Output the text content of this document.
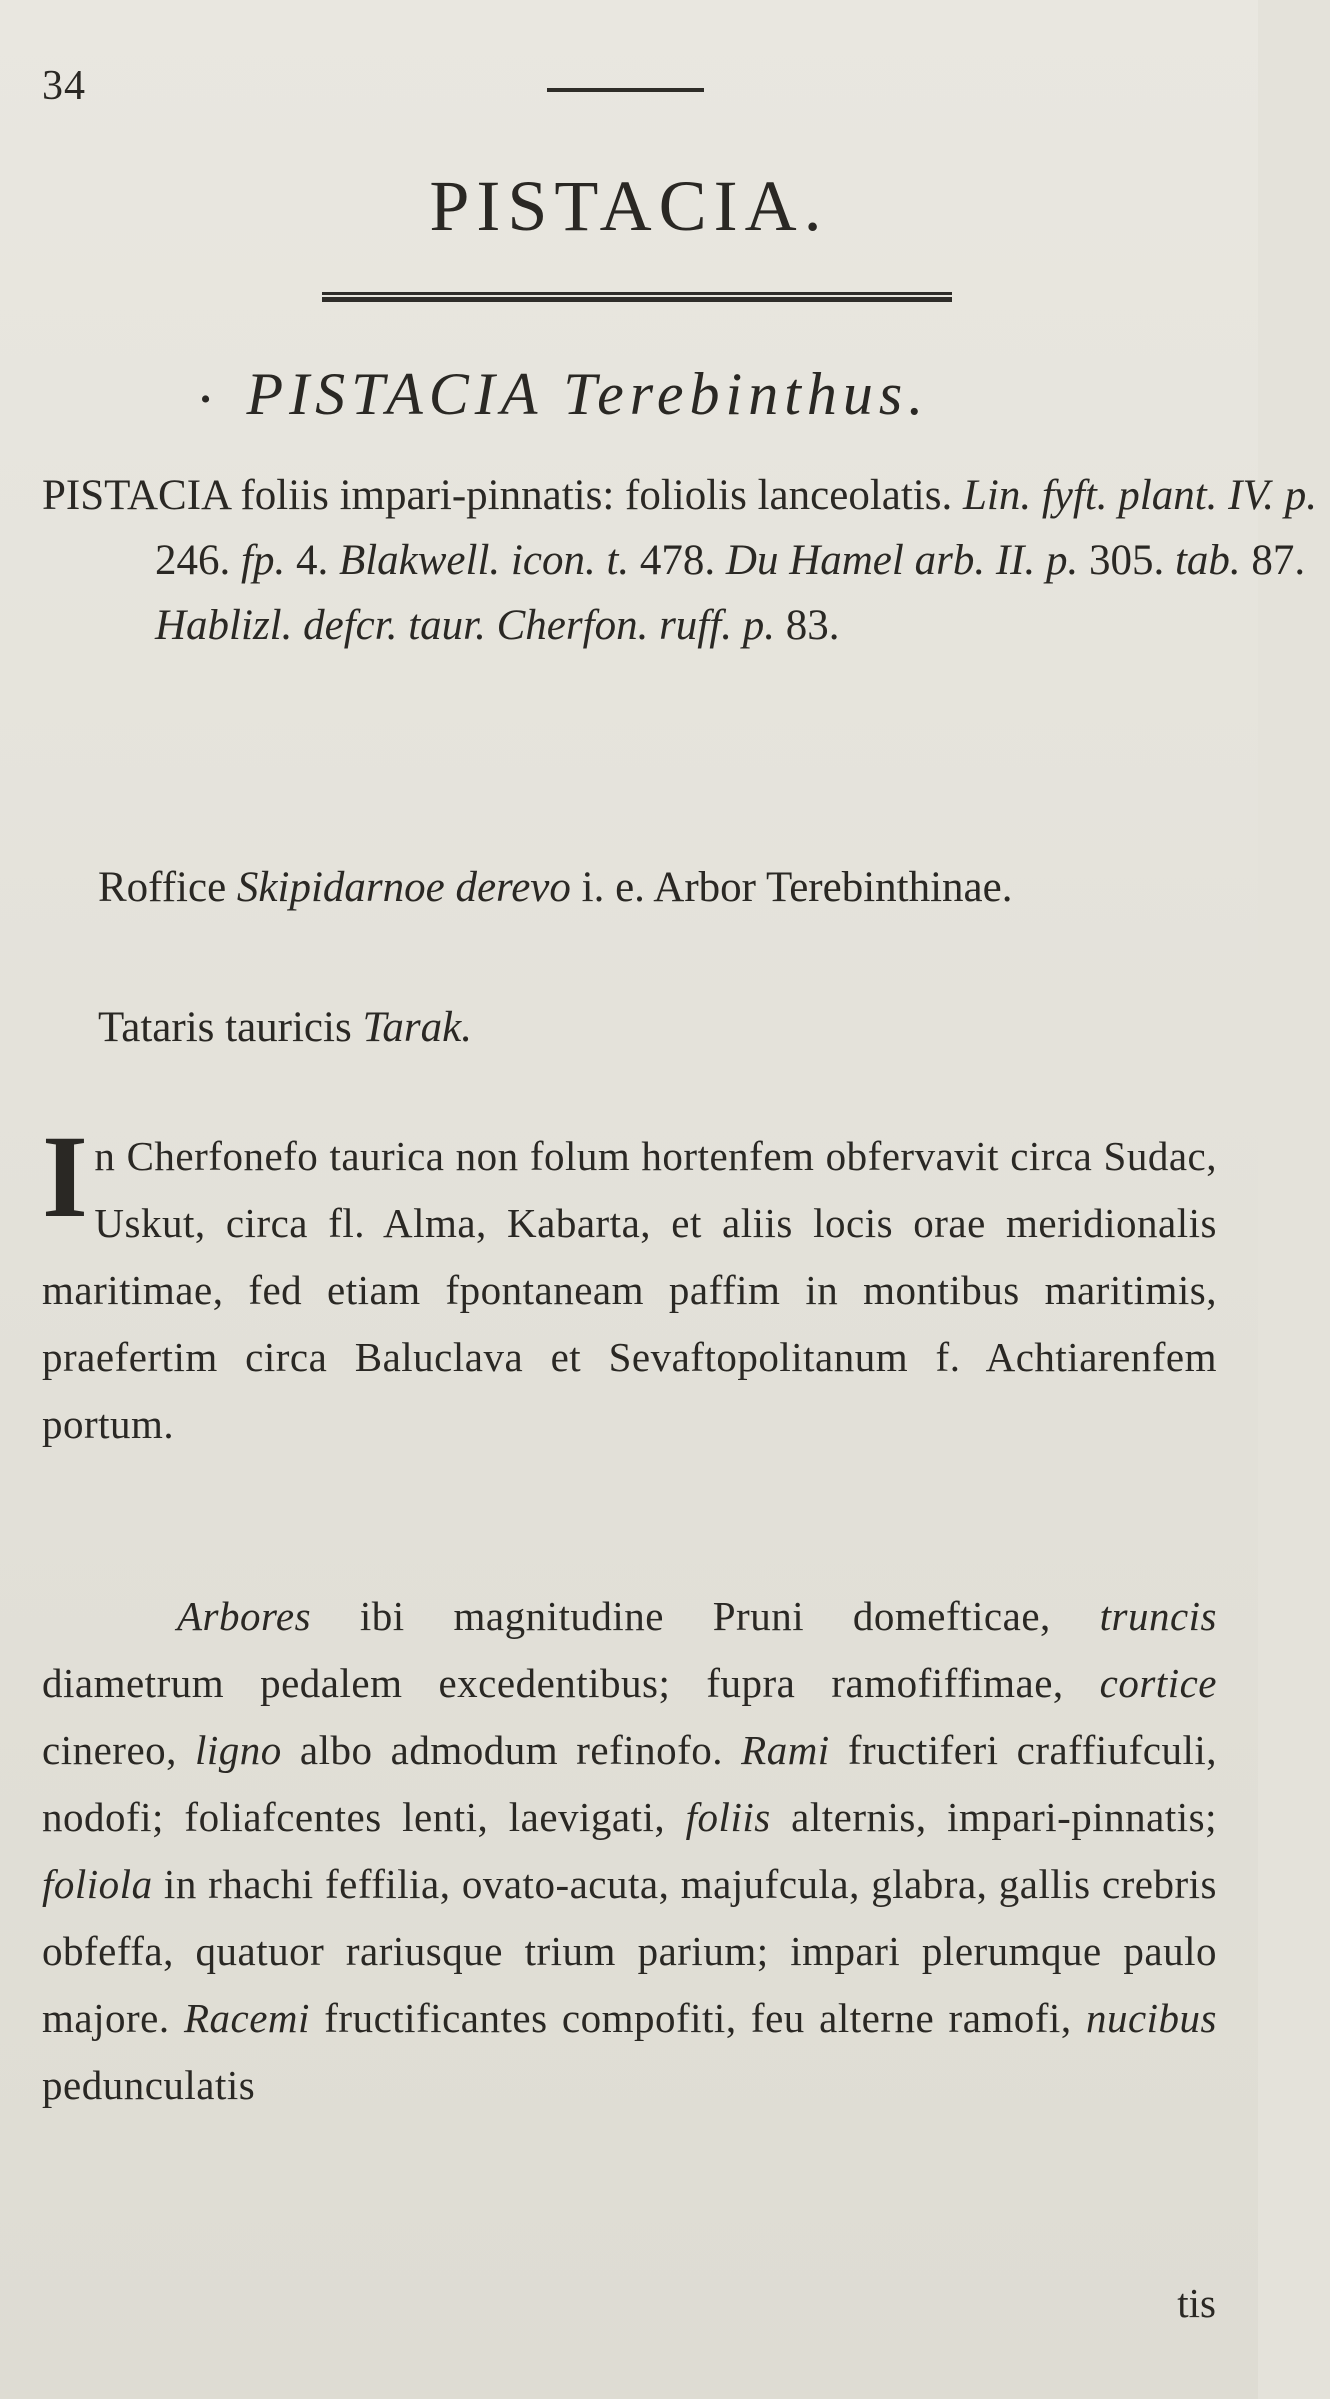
34
PISTACIA.
• PISTACIA Terebinthus.
PISTACIA foliis impari-pinnatis: foliolis lanceolatis. Lin. fyft. plant. IV. p. 246. fp. 4. Blakwell. icon. t. 478. Du Hamel arb. II. p. 305. tab. 87. Hablizl. defcr. taur. Cherfon. ruff. p. 83.
Roffice Skipidarnoe derevo i. e. Arbor Terebinthinae.
Tataris tauricis Tarak.
In Cherfonefo taurica non folum hortenfem obfervavit circa Sudac, Uskut, circa fl. Alma, Kabarta, et aliis locis orae meridionalis maritimae, fed etiam fpontaneam paffim in montibus maritimis, praefertim circa Baluclava et Sevaftopolitanum f. Achtiarenfem portum.
Arbores ibi magnitudine Pruni domefticae, truncis diametrum pedalem excedentibus; fupra ramofiffimae, cortice cinereo, ligno albo admodum refinofo. Rami fructiferi craffiufculi, nodofi; foliafcentes lenti, laevigati, foliis alternis, impari-pinnatis; foliola in rhachi feffilia, ovato-acuta, majufcula, glabra, gallis crebris obfeffa, quatuor rariusque trium parium; impari plerumque paulo majore. Racemi fructificantes compofiti, feu alterne ramofi, nucibus pedunculatis
tis
